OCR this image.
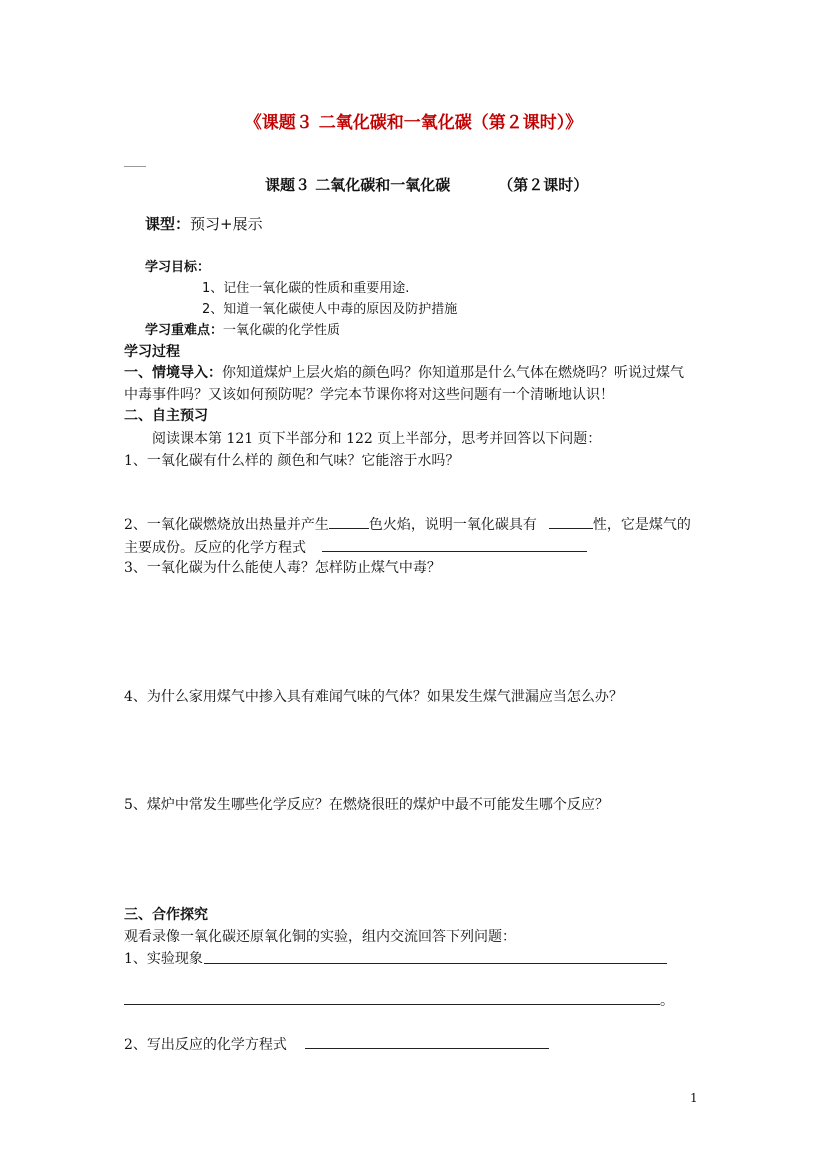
《课题３ 二氧化碳和一氧化碳（第２课时）》
课题３ 二氧化碳和一氧化碳	（第２课时）
课型：预习+展示
学习目标：
1、记住一氧化碳的性质和重要用途.
2、知道一氧化碳使人中毒的原因及防护措施
学习重难点：一氧化碳的化学性质
学习过程
一、情境导入：你知道煤炉上层火焰的颜色吗？你知道那是什么气体在燃烧吗？听说过煤气
中毒事件吗？又该如何预防呢？学完本节课你将对这些问题有一个清晰地认识！
二、自主预习
阅读课本第 121 页下半部分和 122 页上半部分，思考并回答以下问题：
1、一氧化碳有什么样的 颜色和气味？它能溶于水吗？
2、一氧化碳燃烧放出热量并产生	色火焰，说明一氧化碳具有	性，它是煤气的
主要成份。反应的化学方程式
3、一氧化碳为什么能使人毒？怎样防止煤气中毒？
4、为什么家用煤气中掺入具有难闻气味的气体？如果发生煤气泄漏应当怎么办？
5、煤炉中常发生哪些化学反应？在燃烧很旺的煤炉中最不可能发生哪个反应？
三、合作探究
观看录像一氧化碳还原氧化铜的实验，组内交流回答下列问题：
1、实验现象
。
2、写出反应的化学方程式
1
